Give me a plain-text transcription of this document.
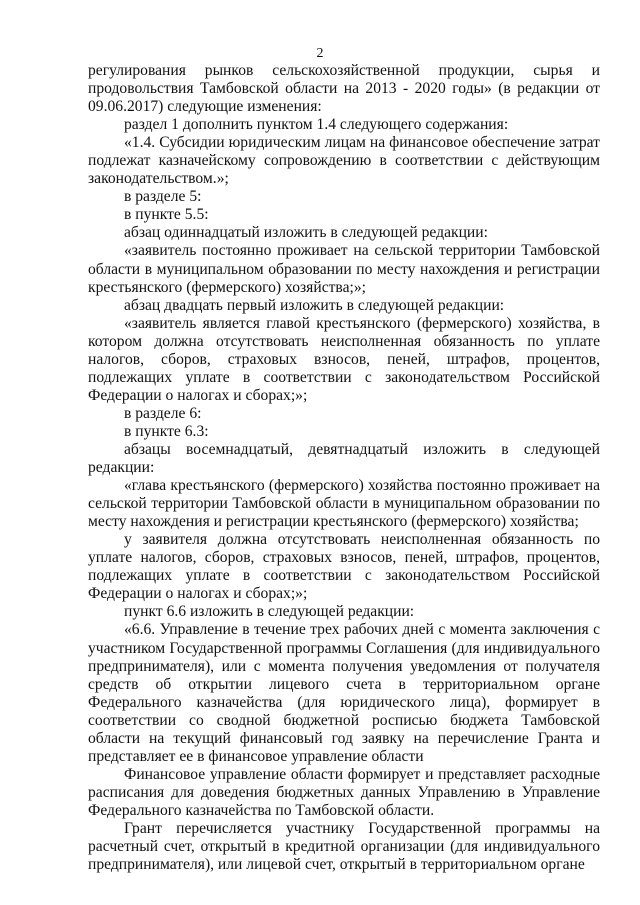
2

регулирования рынков сельскохозяйственной продукции, сырья и продовольствия Тамбовской области на 2013 - 2020 годы» (в редакции от 09.06.2017) следующие изменения:

раздел 1 дополнить пунктом 1.4 следующего содержания:

«1.4. Субсидии юридическим лицам на финансовое обеспечение затрат подлежат казначейскому сопровождению в соответствии с действующим законодательством.»;

в разделе 5:

в пункте 5.5:

абзац одиннадцатый изложить в следующей редакции:

«заявитель постоянно проживает на сельской территории Тамбовской области в муниципальном образовании по месту нахождения и регистрации крестьянского (фермерского) хозяйства;»;

абзац двадцать первый изложить в следующей редакции:

«заявитель является главой крестьянского (фермерского) хозяйства, в котором должна отсутствовать неисполненная обязанность по уплате налогов, сборов, страховых взносов, пеней, штрафов, процентов, подлежащих уплате в соответствии с законодательством Российской Федерации о налогах и сборах;»;

в разделе 6:

в пункте 6.3:

абзацы восемнадцатый, девятнадцатый изложить в следующей редакции:

«глава крестьянского (фермерского) хозяйства постоянно проживает на сельской территории Тамбовской области в муниципальном образовании по месту нахождения и регистрации крестьянского (фермерского) хозяйства;

у заявителя должна отсутствовать неисполненная обязанность по уплате налогов, сборов, страховых взносов, пеней, штрафов, процентов, подлежащих уплате в соответствии с законодательством Российской Федерации о налогах и сборах;»;

пункт 6.6 изложить в следующей редакции:

«6.6. Управление в течение трех рабочих дней с момента заключения с участником Государственной программы Соглашения (для индивидуального предпринимателя), или с момента получения уведомления от получателя средств об открытии лицевого счета в территориальном органе Федерального казначейства (для юридического лица), формирует в соответствии со сводной бюджетной росписью бюджета Тамбовской области на текущий финансовый год заявку на перечисление Гранта и представляет ее в финансовое управление области

Финансовое управление области формирует и представляет расходные расписания для доведения бюджетных данных Управлению в Управление Федерального казначейства по Тамбовской области.

Грант перечисляется участнику Государственной программы на расчетный счет, открытый в кредитной организации (для индивидуального предпринимателя), или лицевой счет, открытый в территориальном органе
